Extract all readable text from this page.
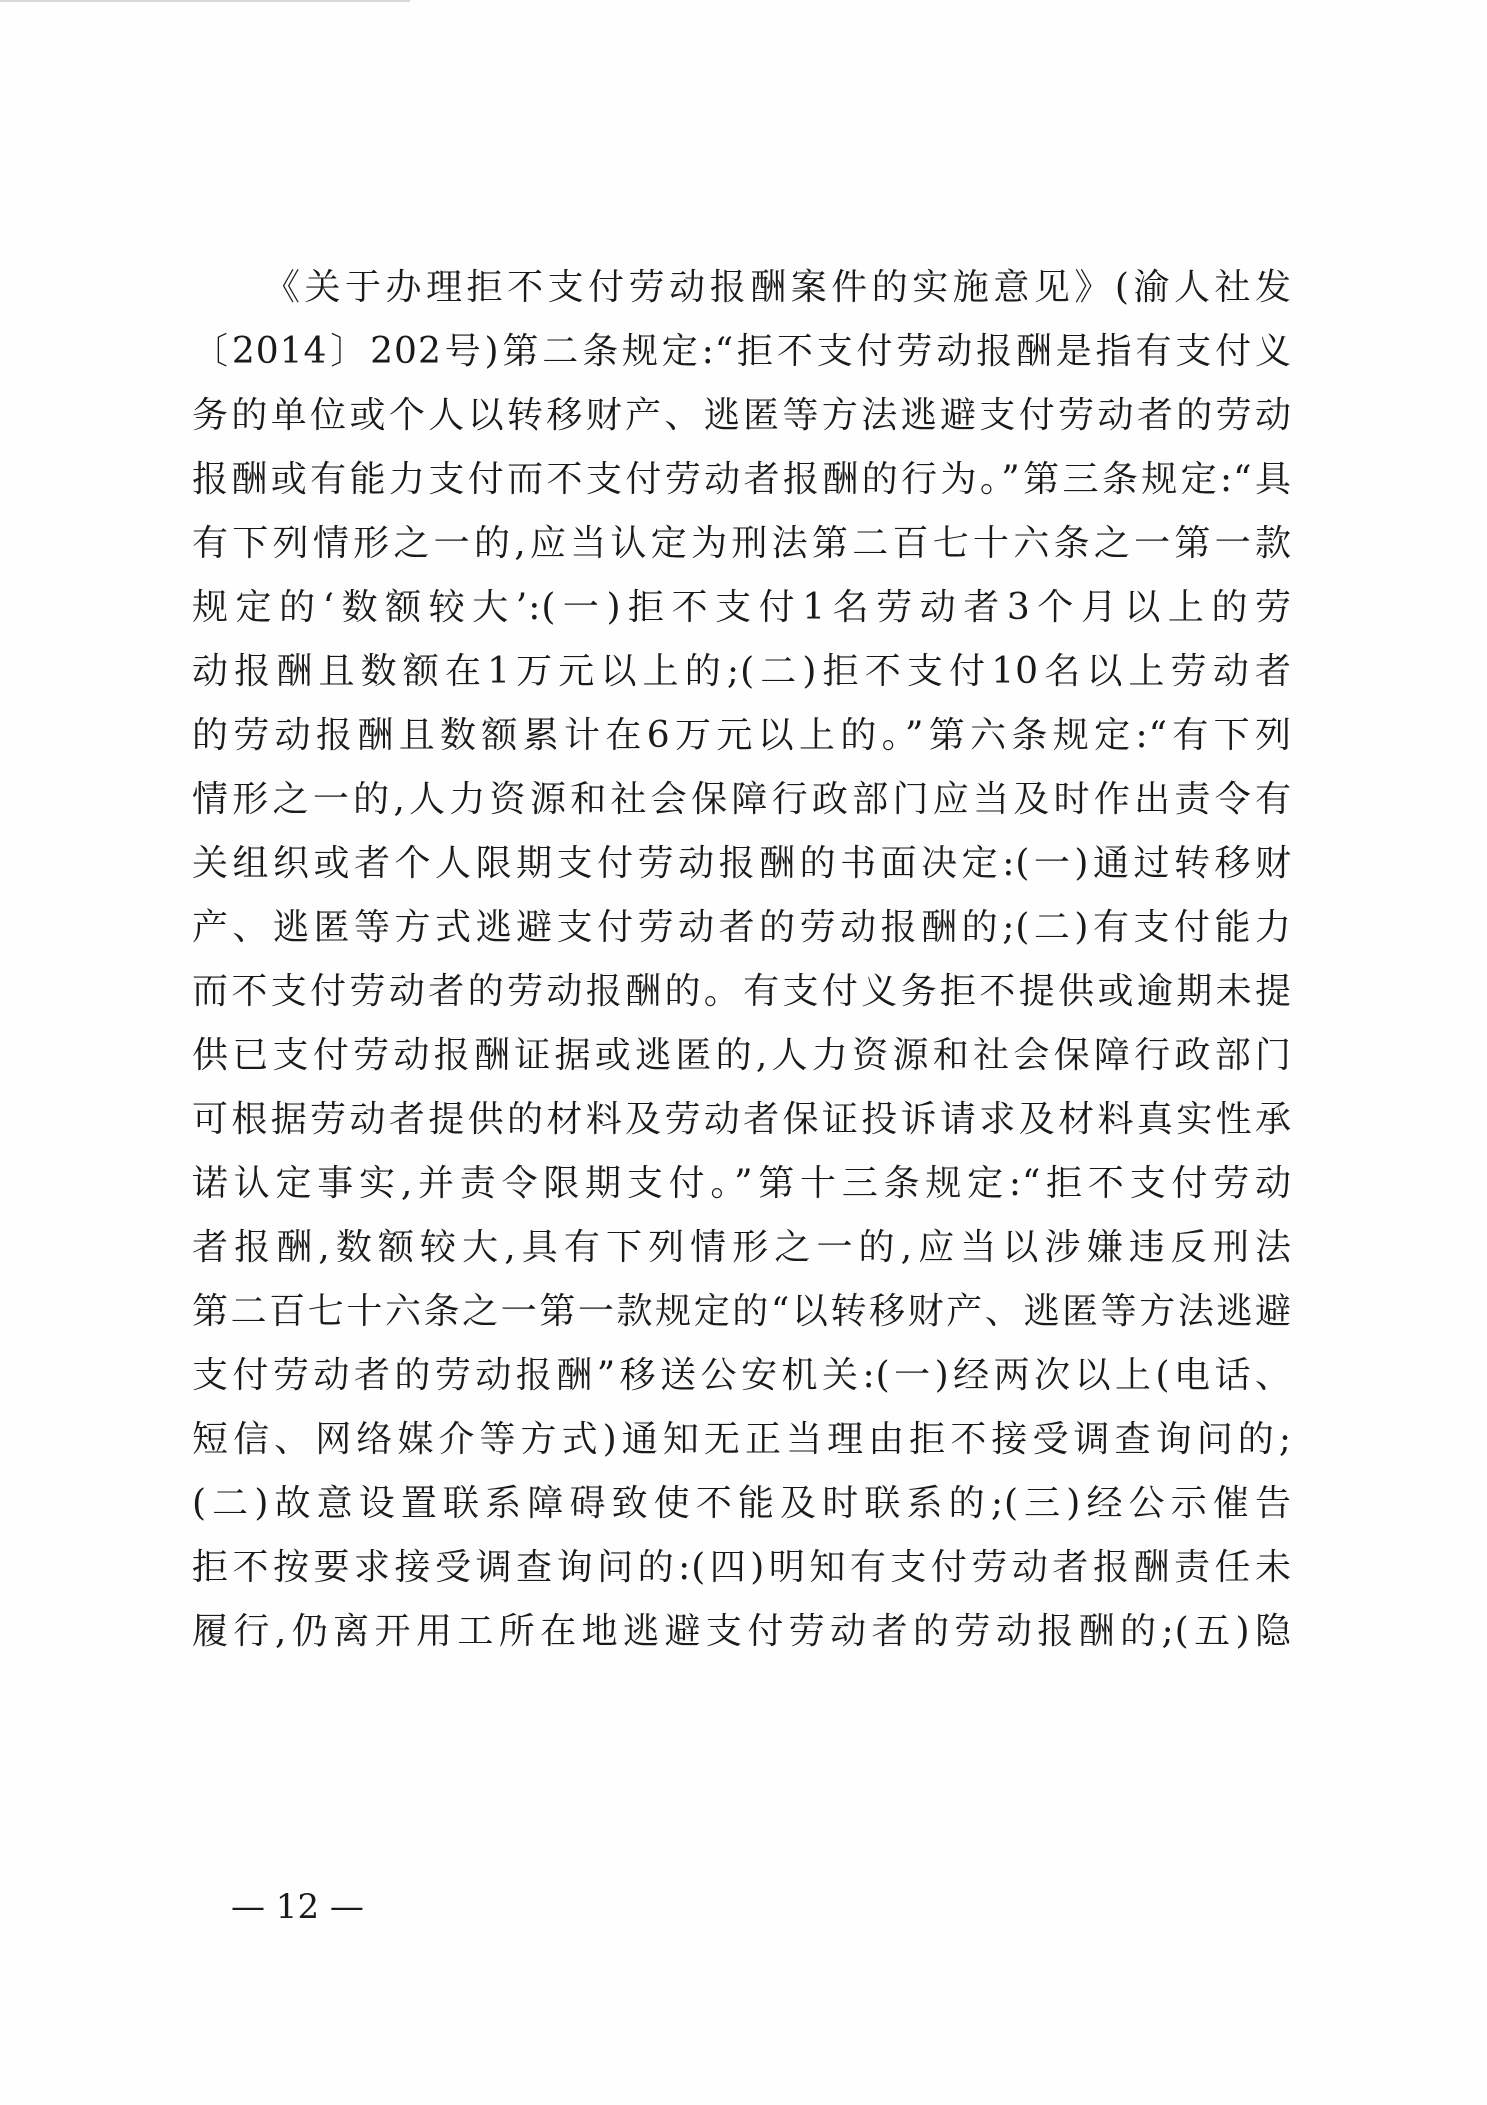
《关于办理拒不支付劳动报酬案件的实施意见》(渝人社发
〔2014〕202号)第二条规定:“拒不支付劳动报酬是指有支付义
务的单位或个人以转移财产、逃匿等方法逃避支付劳动者的劳动
报酬或有能力支付而不支付劳动者报酬的行为。”第三条规定:“具
有下列情形之一的,应当认定为刑法第二百七十六条之一第一款
规定的‘数额较大’:(一)拒不支付1名劳动者3个月以上的劳
动报酬且数额在1万元以上的;(二)拒不支付10名以上劳动者
的劳动报酬且数额累计在6万元以上的。”第六条规定:“有下列
情形之一的,人力资源和社会保障行政部门应当及时作出责令有
关组织或者个人限期支付劳动报酬的书面决定:(一)通过转移财
产、逃匿等方式逃避支付劳动者的劳动报酬的;(二)有支付能力
而不支付劳动者的劳动报酬的。有支付义务拒不提供或逾期未提
供已支付劳动报酬证据或逃匿的,人力资源和社会保障行政部门
可根据劳动者提供的材料及劳动者保证投诉请求及材料真实性承
诺认定事实,并责令限期支付。”第十三条规定:“拒不支付劳动
者报酬,数额较大,具有下列情形之一的,应当以涉嫌违反刑法
第二百七十六条之一第一款规定的“以转移财产、逃匿等方法逃避
支付劳动者的劳动报酬”移送公安机关:(一)经两次以上(电话、
短信、网络媒介等方式)通知无正当理由拒不接受调查询问的;
(二)故意设置联系障碍致使不能及时联系的;(三)经公示催告
拒不按要求接受调查询问的:(四)明知有支付劳动者报酬责任未
履行,仍离开用工所在地逃避支付劳动者的劳动报酬的;(五)隐
— 12 —
